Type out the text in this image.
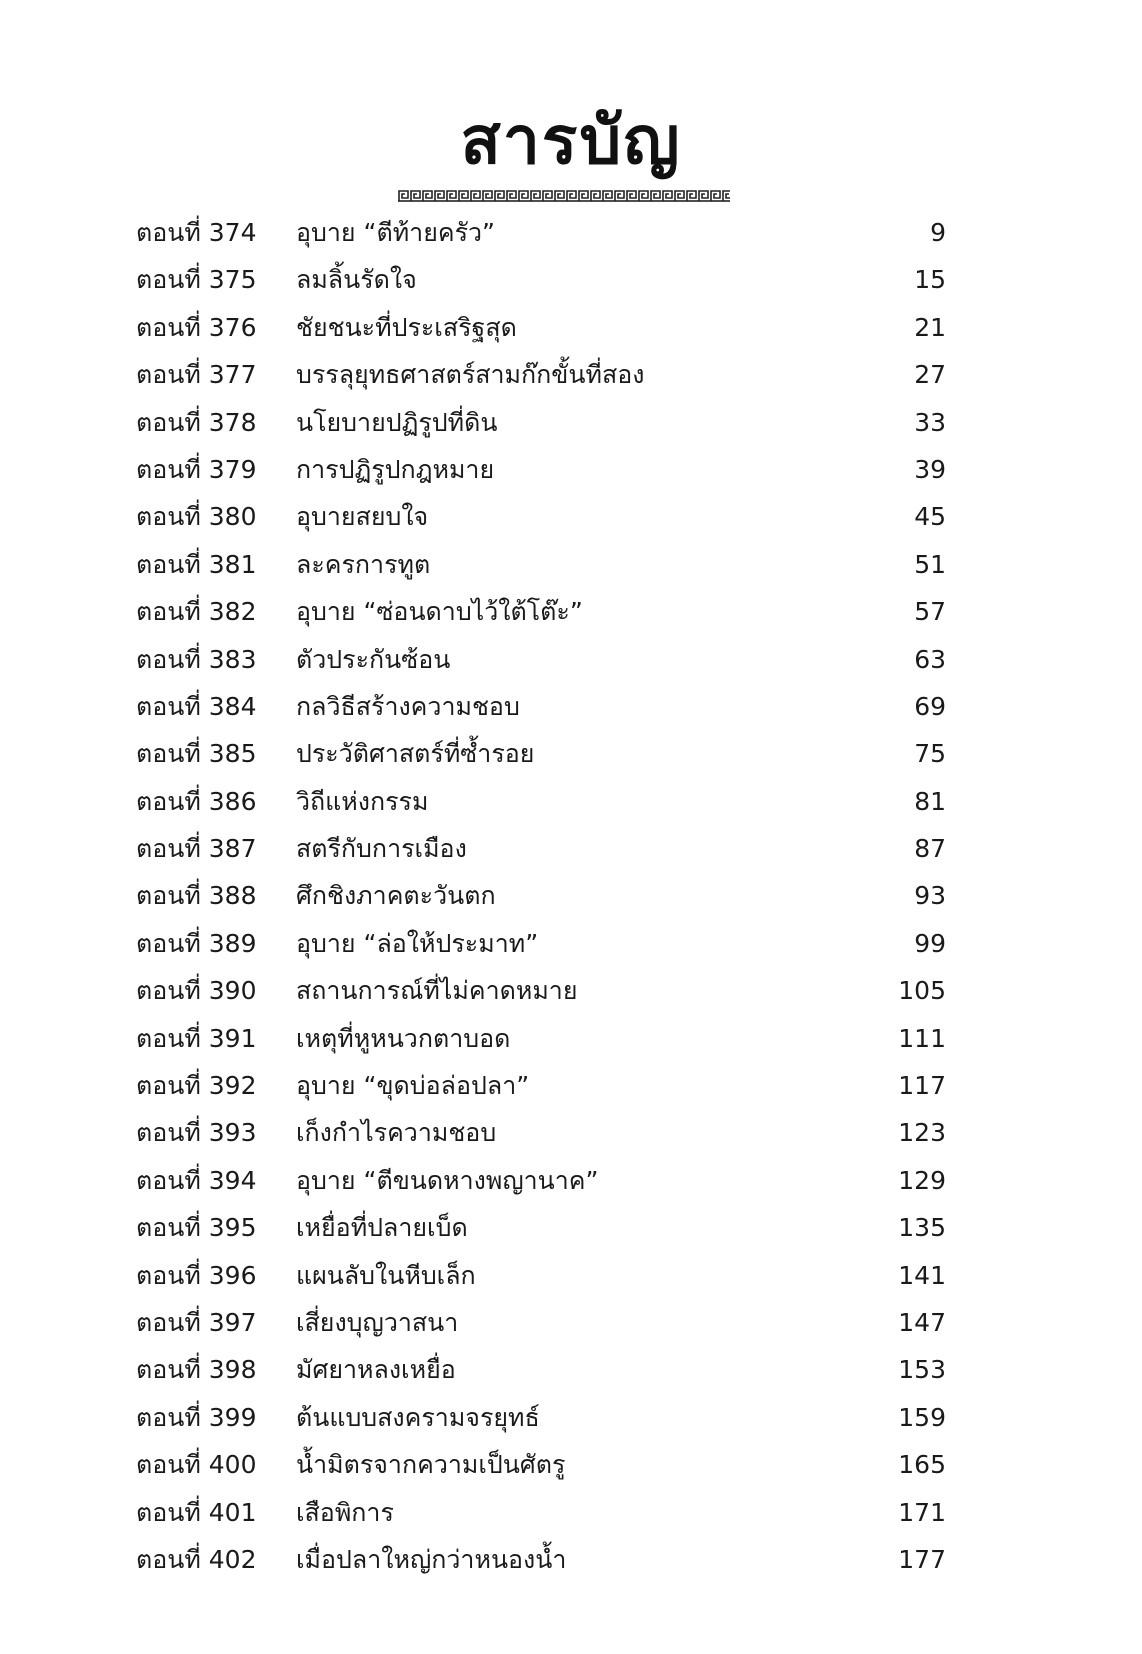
สารบัญ
ตอนที่ 374 อุบาย “ตีท้ายครัว”	9
ตอนที่ 375 ลมลิ้นรัดใจ	15
ตอนที่ 376 ชัยชนะที่ประเสริฐสุด	21
ตอนที่ 377 บรรลุยุทธศาสตร์สามก๊กขั้นที่สอง	27
ตอนที่ 378 นโยบายปฏิรูปที่ดิน	33
ตอนที่ 379 การปฏิรูปกฎหมาย	39
ตอนที่ 380 อุบายสยบใจ	45
ตอนที่ 381 ละครการทูต	51
ตอนที่ 382 อุบาย “ซ่อนดาบไว้ใต้โต๊ะ”	57
ตอนที่ 383 ตัวประกันซ้อน	63
ตอนที่ 384 กลวิธีสร้างความชอบ	69
ตอนที่ 385 ประวัติศาสตร์ที่ซ้ำรอย	75
ตอนที่ 386 วิถีแห่งกรรม	81
ตอนที่ 387 สตรีกับการเมือง	87
ตอนที่ 388 ศึกชิงภาคตะวันตก	93
ตอนที่ 389 อุบาย “ล่อให้ประมาท”	99
ตอนที่ 390 สถานการณ์ที่ไม่คาดหมาย	105
ตอนที่ 391 เหตุที่หูหนวกตาบอด	111
ตอนที่ 392 อุบาย “ขุดบ่อล่อปลา”	117
ตอนที่ 393 เก็งกำไรความชอบ	123
ตอนที่ 394 อุบาย “ตีขนดหางพญานาค”	129
ตอนที่ 395 เหยื่อที่ปลายเบ็ด	135
ตอนที่ 396 แผนลับในหีบเล็ก	141
ตอนที่ 397 เสี่ยงบุญวาสนา	147
ตอนที่ 398 มัศยาหลงเหยื่อ	153
ตอนที่ 399 ต้นแบบสงครามจรยุทธ์	159
ตอนที่ 400 น้ำมิตรจากความเป็นศัตรู	165
ตอนที่ 401 เสือพิการ	171
ตอนที่ 402 เมื่อปลาใหญ่กว่าหนองน้ำ	177
